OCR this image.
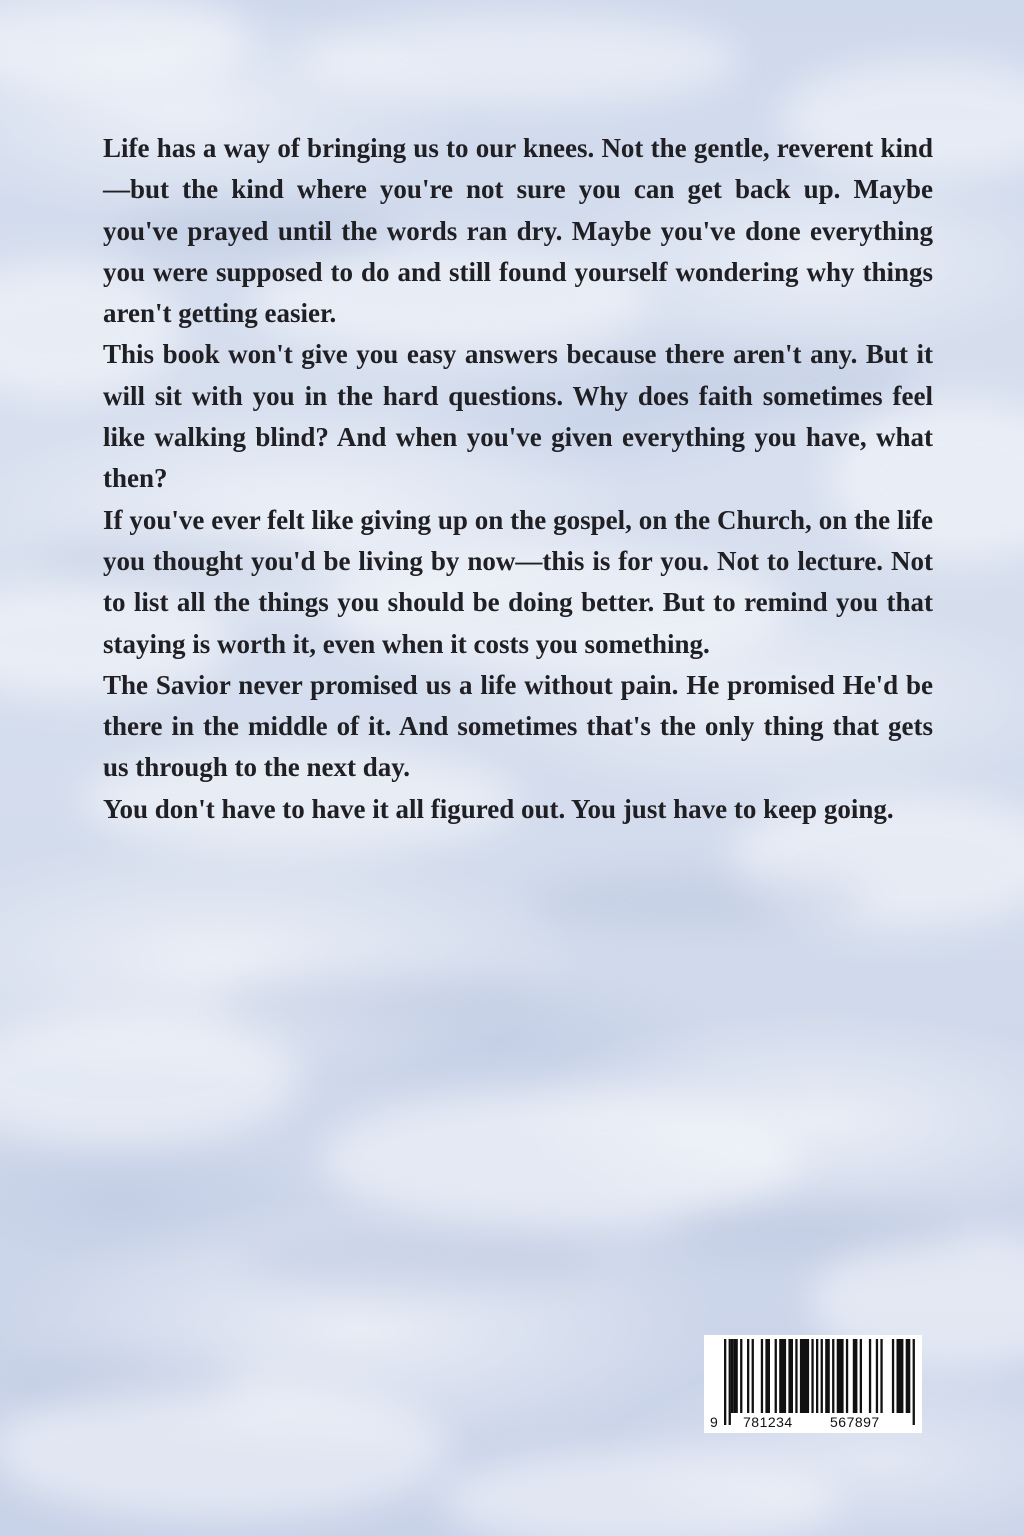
Life has a way of bringing us to our knees. Not the gentle, reverent kind—but the kind where you're not sure you can get back up. Maybe you've prayed until the words ran dry. Maybe you've done everything you were supposed to do and still found yourself wondering why things aren't getting easier.

This book won't give you easy answers because there aren't any. But it will sit with you in the hard questions. Why does faith sometimes feel like walking blind? And when you've given everything you have, what then?

If you've ever felt like giving up on the gospel, on the Church, on the life you thought you'd be living by now—this is for you. Not to lecture. Not to list all the things you should be doing better. But to remind you that staying is worth it, even when it costs you something.

The Savior never promised us a life without pain. He promised He'd be there in the middle of it. And sometimes that's the only thing that gets us through to the next day.

You don't have to have it all figured out. You just have to keep going.

9 781234	567897
